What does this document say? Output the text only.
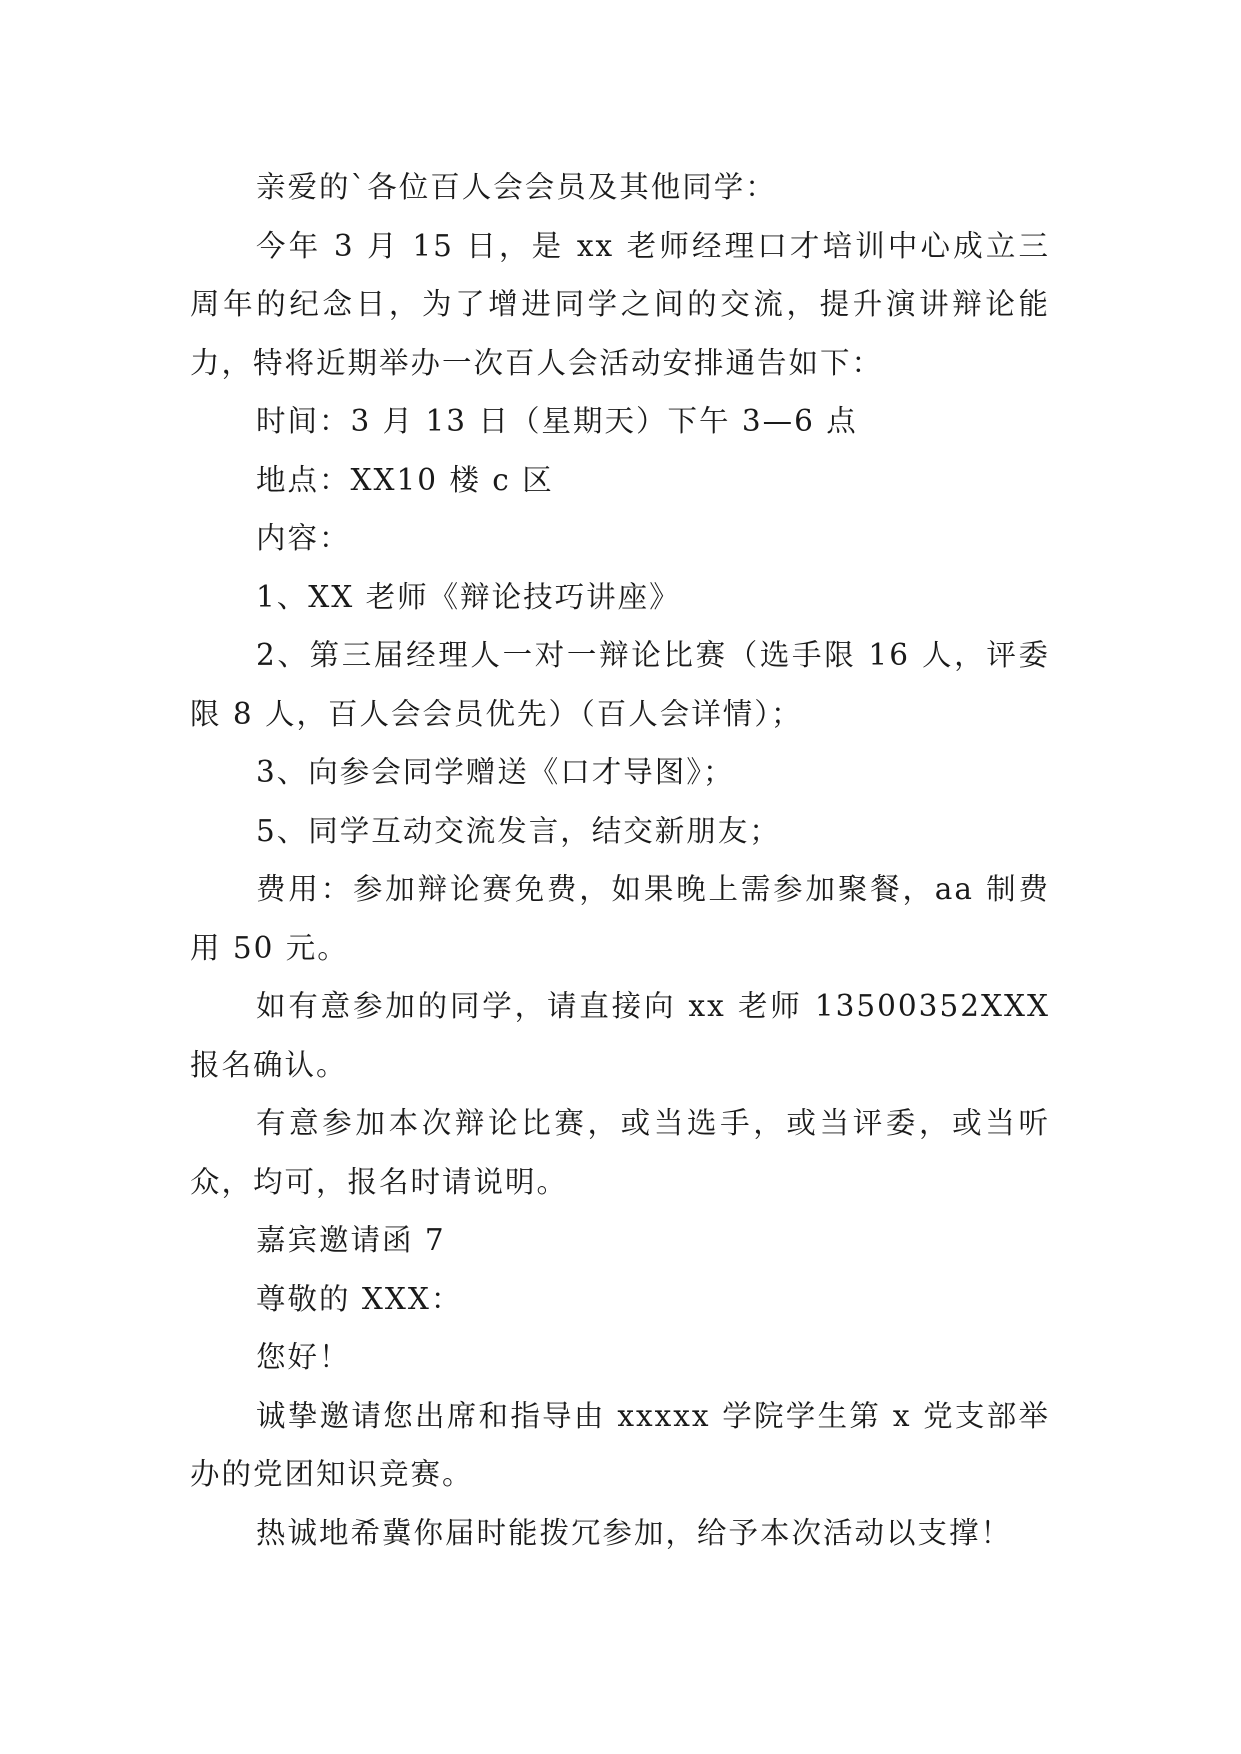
亲爱的`各位百人会会员及其他同学：

今年 3 月 15 日，是 xx 老师经理口才培训中心成立三周年的纪念日，为了增进同学之间的交流，提升演讲辩论能力，特将近期举办一次百人会活动安排通告如下：

时间：3 月 13 日（星期天）下午 3—6 点

地点：XX10 楼 c 区

内容：

1、XX 老师《辩论技巧讲座》

2、第三届经理人一对一辩论比赛（选手限 16 人，评委限 8 人，百人会会员优先）（百人会详情）；

3、向参会同学赠送《口才导图》；

5、同学互动交流发言，结交新朋友；

费用：参加辩论赛免费，如果晚上需参加聚餐，aa 制费用 50 元。

如有意参加的同学，请直接向 xx 老师 13500352XXX 报名确认。

有意参加本次辩论比赛，或当选手，或当评委，或当听众，均可，报名时请说明。

嘉宾邀请函 7

尊敬的 XXX：

您好！

诚挚邀请您出席和指导由 xxxxx 学院学生第 x 党支部举办的党团知识竞赛。

热诚地希冀你届时能拨冗参加，给予本次活动以支撑！
